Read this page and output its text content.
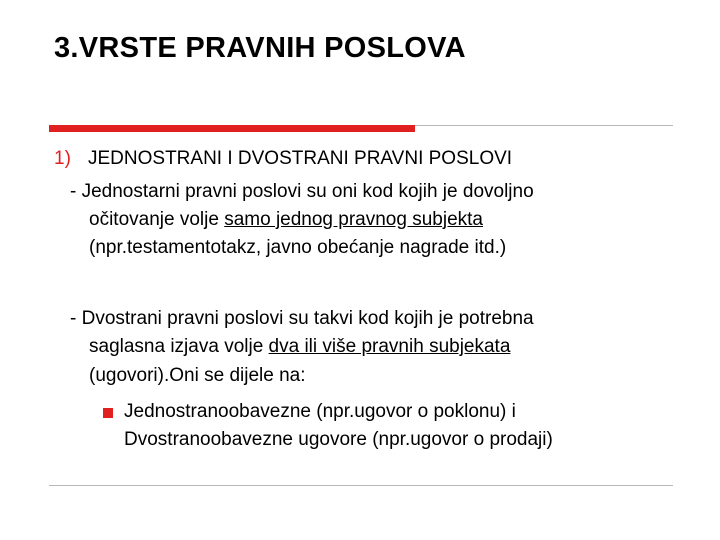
3.VRSTE PRAVNIH POSLOVA
1) JEDNOSTRANI I DVOSTRANI PRAVNI POSLOVI
- Jednostarni pravni poslovi su oni kod kojih je dovoljno
očitovanje volje samo jednog pravnog subjekta
(npr.testamentotakz, javno obećanje nagrade itd.)
- Dvostrani pravni poslovi su takvi kod kojih je potrebna
saglasna izjava volje dva ili više pravnih subjekata
(ugovori).Oni se dijele na:
Jednostranoobavezne (npr.ugovor o poklonu) i
Dvostranoobavezne ugovore (npr.ugovor o prodaji)
